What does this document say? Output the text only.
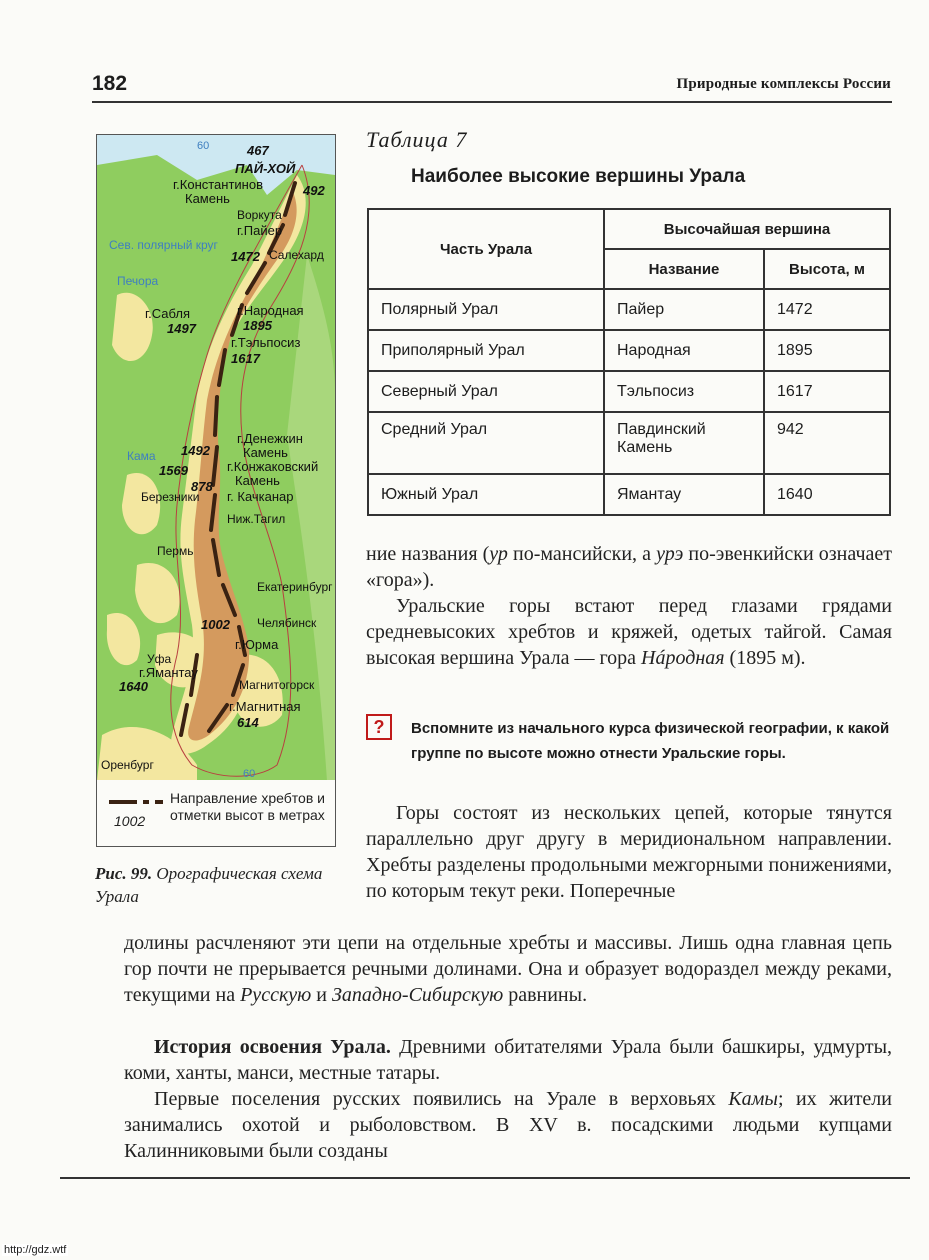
182	Природные комплексы России
467
ПАЙ-ХОЙ
г.Константинов
Камень
492
Воркута
г.Пайер
Сев. полярный круг
1472 Салехард
г.Сабля
1497
г.Народная
1895
г.Тэльпосиз
1617
Печора
г.Денежкин
Камень
1492
г.Конжаковский
Камень
1569
Кама
878
г. Качканар
Березники
Ниж.Тагил
Пермь
Екатеринбург
Челябинск
1002
г.Юрма
Уфа
г.Ямантау
1640	Магнитогорск
г.Магнитная
614
Оренбург
60
60
Направление хребтов и отметки высот в метрах
1002
Рис. 99. Орографическая схема Урала
Таблица 7
Наиболее высокие вершины Урала
Часть Урала	Высочайшая вершина	
	Название	Высота, м
Полярный Урал	Пайер	1472
Приполярный Урал	Народная	1895
Северный Урал	Тэльпосиз	1617
Средний Урал	Павдинский Камень	942
Южный Урал	Ямантау	1640
ние названия (ур по-мансийски, а урэ по-эвенкийски означает «гора»).
Уральские горы встают перед глазами грядами средневысоких хребтов и кряжей, одетых тайгой. Самая высокая вершина Урала — гора Нáродная (1895 м).
?	Вспомните из начального курса физической географии, к какой группе по высоте можно отнести Уральские горы.
Горы состоят из нескольких цепей, которые тянутся параллельно друг другу в меридиональном направлении. Хребты разделены продольными межгорными понижениями, по которым текут реки. Поперечные
долины расчленяют эти цепи на отдельные хребты и массивы. Лишь одна главная цепь гор почти не прерывается речными долинами. Она и образует водораздел между реками, текущими на Русскую и Западно-Сибирскую равнины.
История освоения Урала. Древними обитателями Урала были башкиры, удмурты, коми, ханты, манси, местные татары.
Первые поселения русских появились на Урале в верховьях Камы; их жители занимались охотой и рыболовством. В XV в. посадскими людьми купцами Калинниковыми были созданы
http://gdz.wtf
